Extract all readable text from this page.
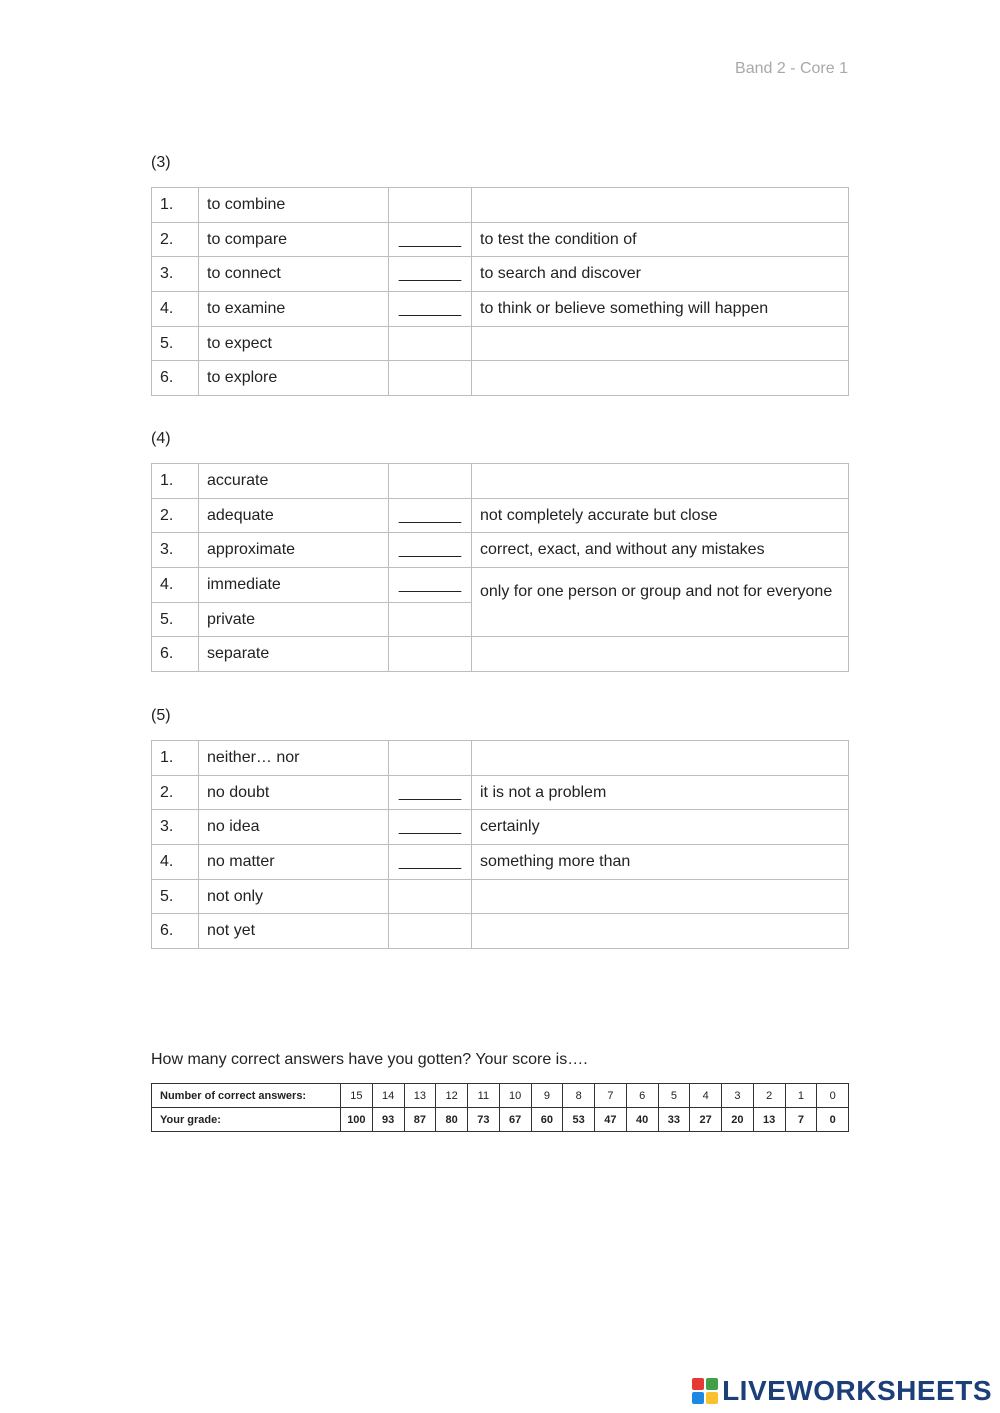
Band 2 - Core 1
(3)
1.	to combine		
2.	to compare	_______	to test the condition of
3.	to connect	_______	to search and discover
4.	to examine	_______	to think or believe something will happen
5.	to expect		
6.	to explore		
(4)
1.	accurate		
2.	adequate	_______	not completely accurate but close
3.	approximate	_______	correct, exact, and without any mistakes
4.	immediate	_______	only for one person or group and not for everyone
5.	private		
6.	separate		
(5)
1.	neither… nor		
2.	no doubt	_______	it is not a problem
3.	no idea	_______	certainly
4.	no matter	_______	something more than
5.	not only		
6.	not yet		
How many correct answers have you gotten? Your score is….
Number of correct answers:	15	14	13	12	11	10	9	8	7	6	5	4	3	2	1	0
Your grade:	100	93	87	80	73	67	60	53	47	40	33	27	20	13	7	0
LIVEWORKSHEETS
